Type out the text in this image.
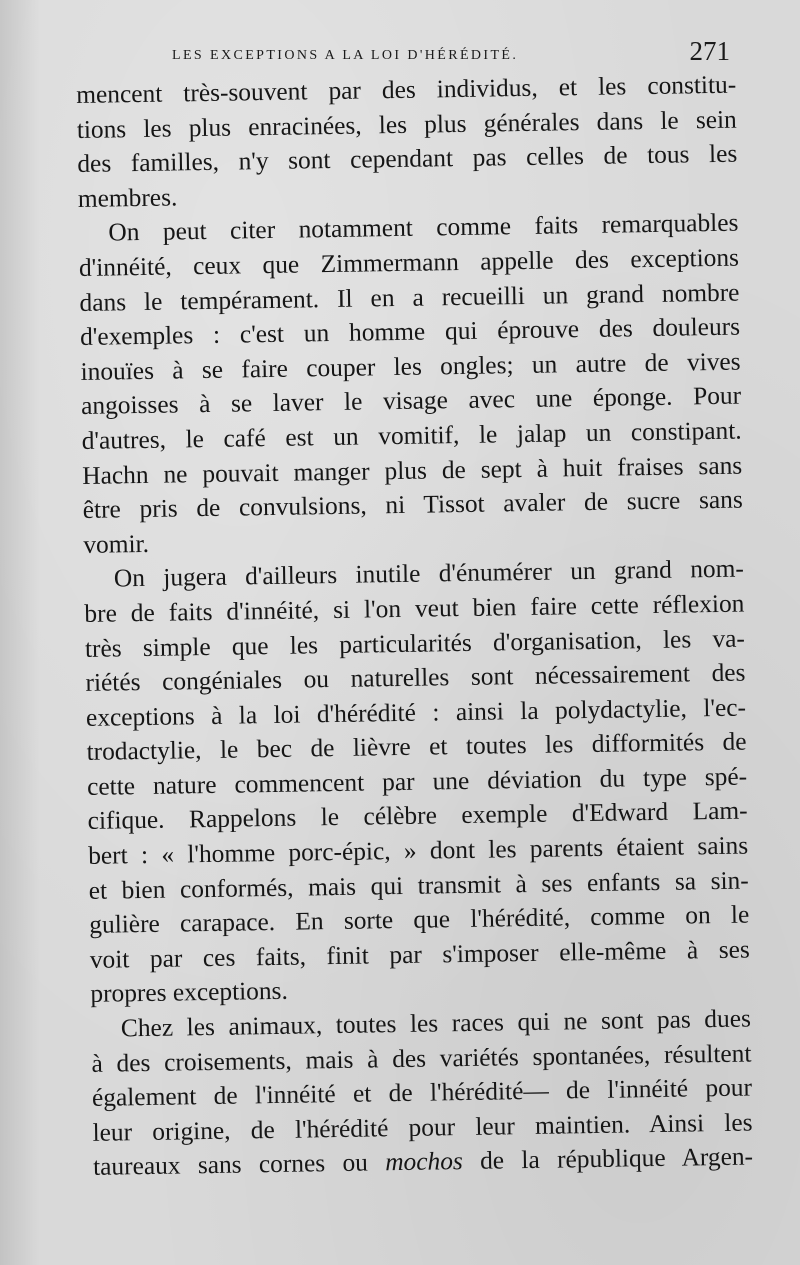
LES EXCEPTIONS A LA LOI D'HÉRÉDITÉ.	271
mencent très-souvent par des individus, et les constitu-
tions les plus enracinées, les plus générales dans le sein
des familles, n'y sont cependant pas celles de tous les
membres.
On peut citer notamment comme faits remarquables
d'innéité, ceux que Zimmermann appelle des exceptions
dans le tempérament. Il en a recueilli un grand nombre
d'exemples : c'est un homme qui éprouve des douleurs
inouïes à se faire couper les ongles; un autre de vives
angoisses à se laver le visage avec une éponge. Pour
d'autres, le café est un vomitif, le jalap un constipant.
Hachn ne pouvait manger plus de sept à huit fraises sans
être pris de convulsions, ni Tissot avaler de sucre sans
vomir.
On jugera d'ailleurs inutile d'énumérer un grand nom-
bre de faits d'innéité, si l'on veut bien faire cette réflexion
très simple que les particularités d'organisation, les va-
riétés congéniales ou naturelles sont nécessairement des
exceptions à la loi d'hérédité : ainsi la polydactylie, l'ec-
trodactylie, le bec de lièvre et toutes les difformités de
cette nature commencent par une déviation du type spé-
cifique. Rappelons le célèbre exemple d'Edward Lam-
bert : « l'homme porc-épic, » dont les parents étaient sains
et bien conformés, mais qui transmit à ses enfants sa sin-
gulière carapace. En sorte que l'hérédité, comme on le
voit par ces faits, finit par s'imposer elle-même à ses
propres exceptions.
Chez les animaux, toutes les races qui ne sont pas dues
à des croisements, mais à des variétés spontanées, résultent
également de l'innéité et de l'hérédité— de l'innéité pour
leur origine, de l'hérédité pour leur maintien. Ainsi les
taureaux sans cornes ou mochos de la république Argen-
